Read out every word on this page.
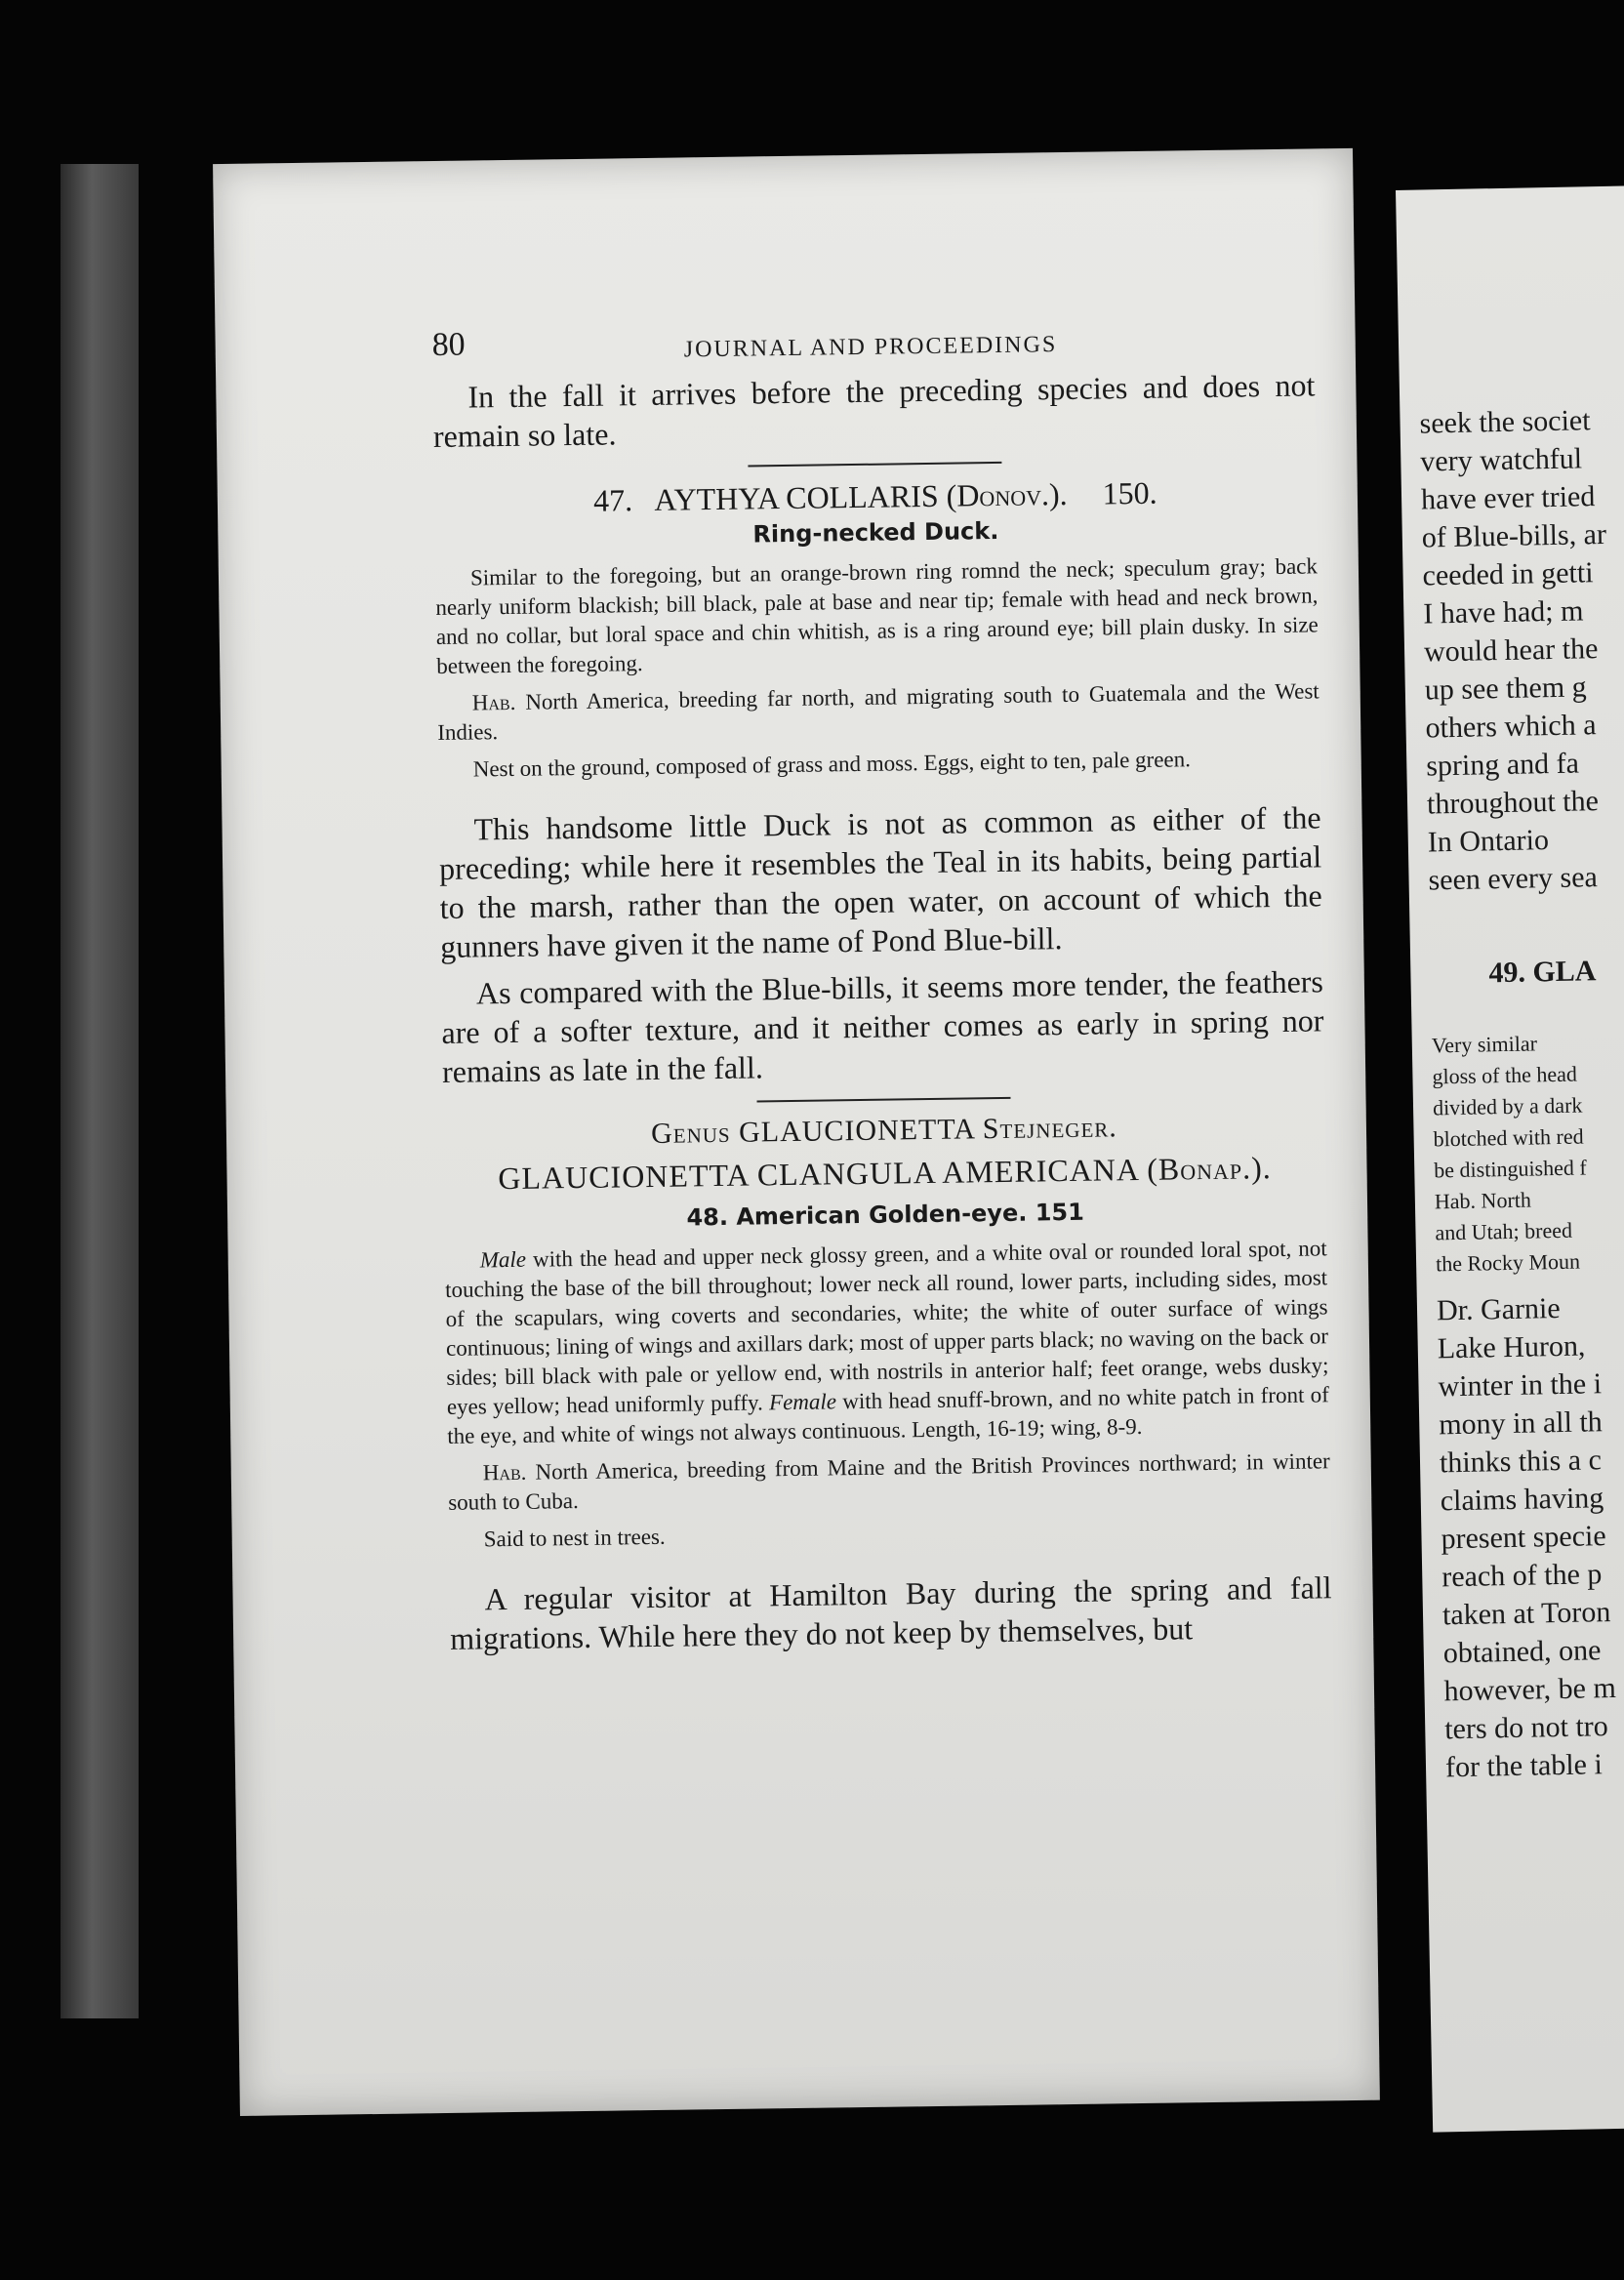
80	JOURNAL AND PROCEEDINGS

In the fall it arrives before the preceding species and does not remain so late.

47. AYTHYA COLLARIS (Donov.). 150.
Ring-necked Duck.

Similar to the foregoing, but an orange-brown ring romnd the neck; speculum gray; back nearly uniform blackish; bill black, pale at base and near tip; female with head and neck brown, and no collar, but loral space and chin whitish, as is a ring around eye; bill plain dusky. In size between the foregoing.

Hab. North America, breeding far north, and migrating south to Guatemala and the West Indies.

Nest on the ground, composed of grass and moss. Eggs, eight to ten, pale green.

This handsome little Duck is not as common as either of the preceding; while here it resembles the Teal in its habits, being partial to the marsh, rather than the open water, on account of which the gunners have given it the name of Pond Blue-bill.

As compared with the Blue-bills, it seems more tender, the feathers are of a softer texture, and it neither comes as early in spring nor remains as late in the fall.

Genus GLAUCIONETTA Stejneger.
GLAUCIONETTA CLANGULA AMERICANA (Bonap.).
48. American Golden-eye. 151

Male with the head and upper neck glossy green, and a white oval or rounded loral spot, not touching the base of the bill throughout; lower neck all round, lower parts, including sides, most of the scapulars, wing coverts and secondaries, white; the white of outer surface of wings continuous; lining of wings and axillars dark; most of upper parts black; no waving on the back or sides; bill black with pale or yellow end, with nostrils in anterior half; feet orange, webs dusky; eyes yellow; head uniformly puffy. Female with head snuff-brown, and no white patch in front of the eye, and white of wings not always continuous. Length, 16-19; wing, 8-9.

Hab. North America, breeding from Maine and the British Provinces northward; in winter south to Cuba.

Said to nest in trees.

A regular visitor at Hamilton Bay during the spring and fall migrations. While here they do not keep by themselves, but

seek the societ
very watchful
have ever tried
of Blue-bills, ar
ceeded in getti
I have had; m
would hear the
up see them g
others which a
spring and fa
throughout the
In Ontario
seen every sea
49. GLA
Very similar
gloss of the head
divided by a dark
blotched with red
be distinguished f
Hab. North
and Utah; breed
the Rocky Moun
Dr. Garnie
Lake Huron,
winter in the i
mony in all th
thinks this a c
claims having
present specie
reach of the p
taken at Toron
obtained, one
however, be m
ters do not tro
for the table i
